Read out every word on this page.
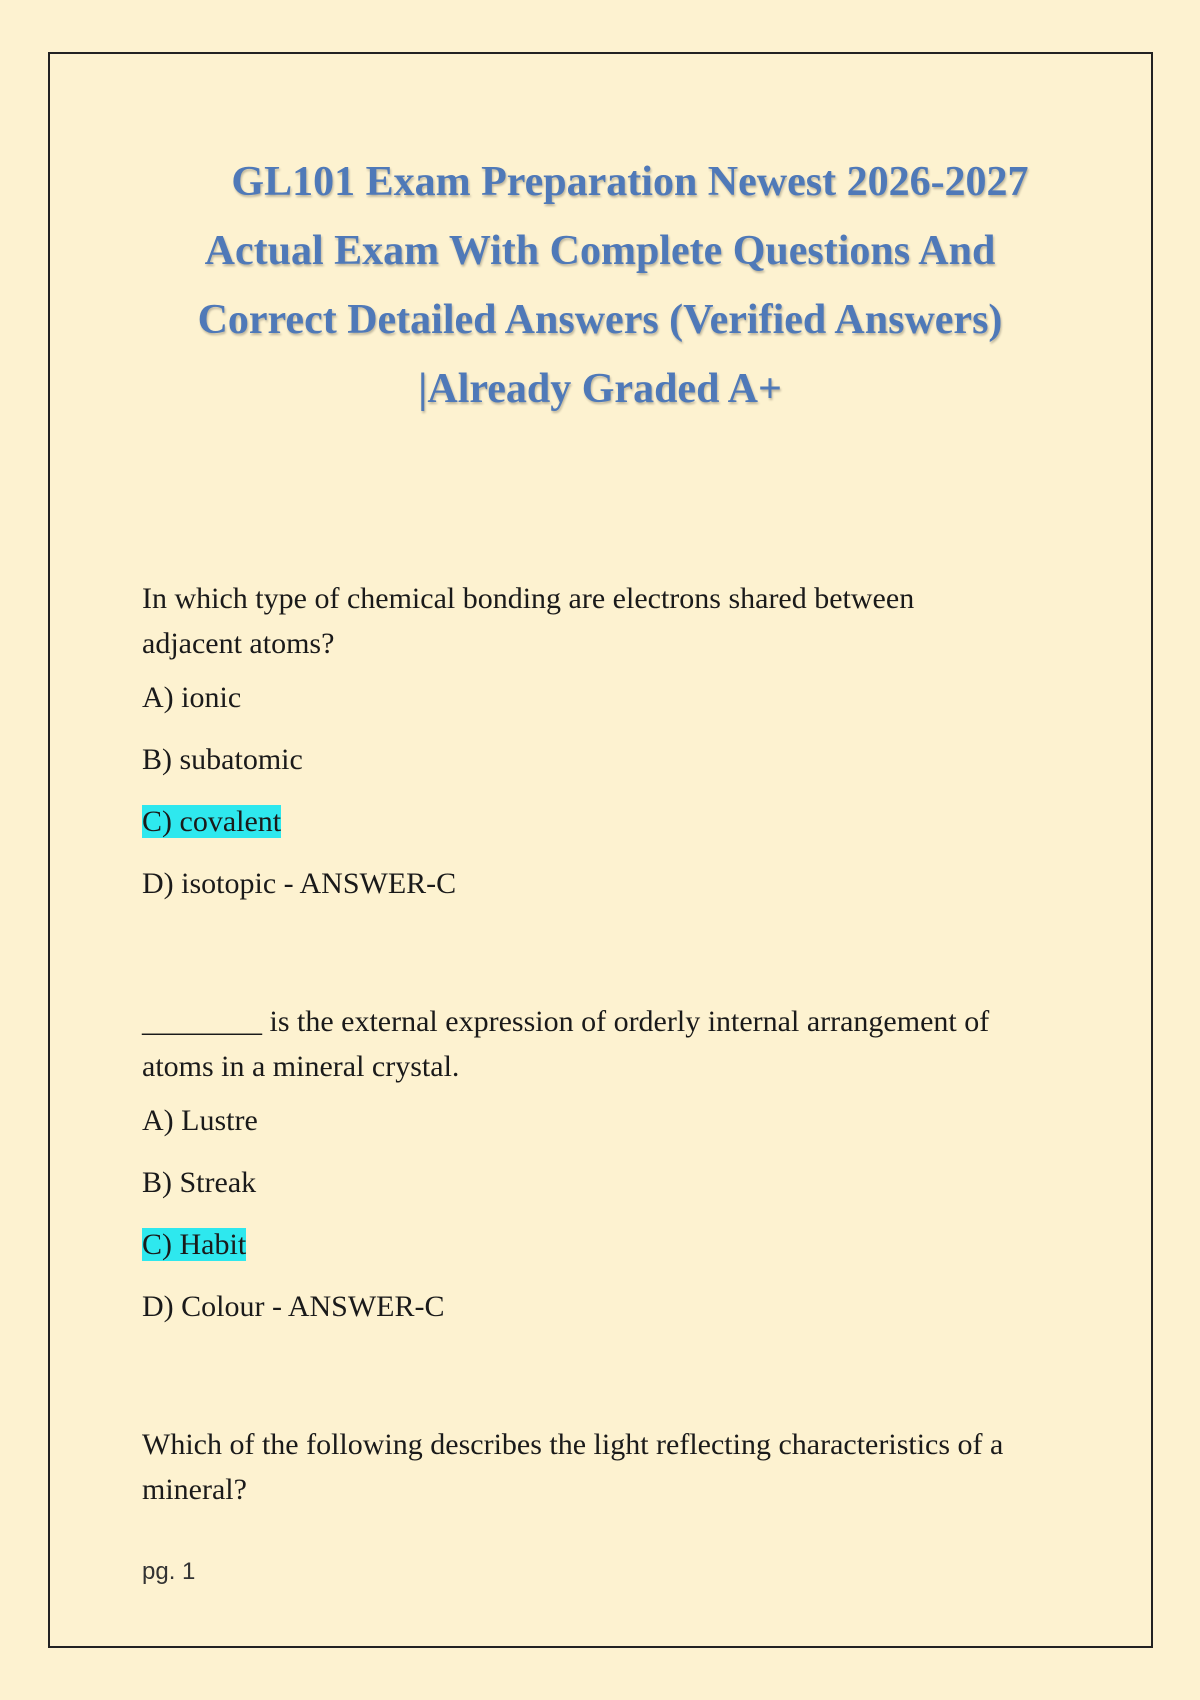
GL101 Exam Preparation Newest 2026-2027
Actual Exam With Complete Questions And
Correct Detailed Answers (Verified Answers)
|Already Graded A+

In which type of chemical bonding are electrons shared between
adjacent atoms?

A) ionic

B) subatomic

C) covalent

D) isotopic - ANSWER-C

________ is the external expression of orderly internal arrangement of
atoms in a mineral crystal.

A) Lustre

B) Streak

C) Habit

D) Colour - ANSWER-C

Which of the following describes the light reflecting characteristics of a
mineral?

pg. 1
